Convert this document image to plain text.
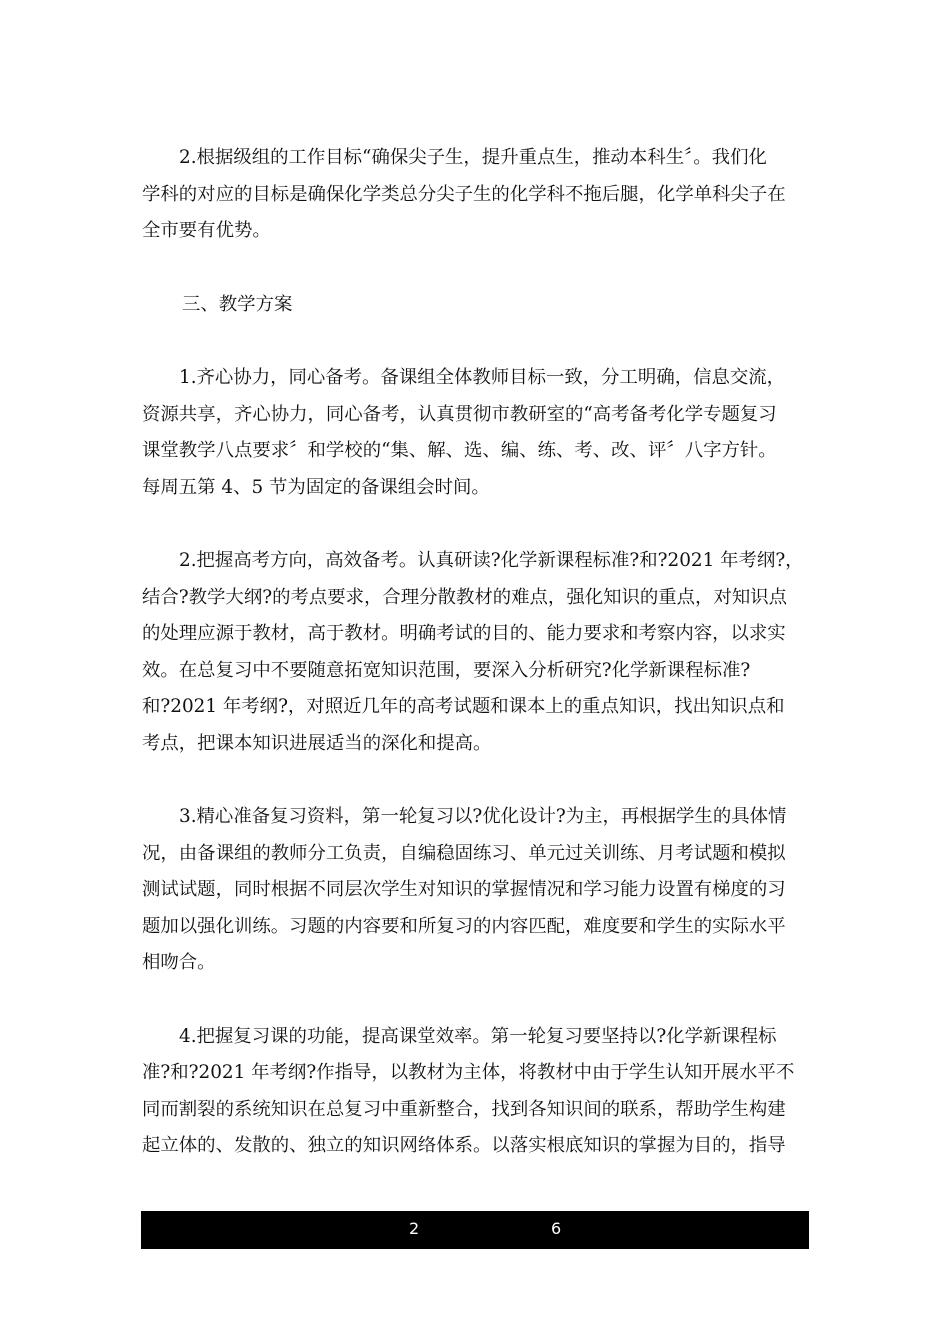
2.根据级组的工作目标“确保尖子生，提升重点生，推动本科生〞。我们化
学科的对应的目标是确保化学类总分尖子生的化学科不拖后腿，化学单科尖子在
全市要有优势。
三、教学方案
1.齐心协力，同心备考。备课组全体教师目标一致，分工明确，信息交流，
资源共享，齐心协力，同心备考，认真贯彻市教研室的“高考备考化学专题复习
课堂教学八点要求〞和学校的“集、解、选、编、练、考、改、评〞八字方针。
每周五第 4、5 节为固定的备课组会时间。
2.把握高考方向，高效备考。认真研读?化学新课程标准?和?2021 年考纲?，
结合?教学大纲?的考点要求，合理分散教材的难点，强化知识的重点，对知识点
的处理应源于教材，高于教材。明确考试的目的、能力要求和考察内容，以求实
效。在总复习中不要随意拓宽知识范围，要深入分析研究?化学新课程标准?
和?2021 年考纲?，对照近几年的高考试题和课本上的重点知识，找出知识点和
考点，把课本知识进展适当的深化和提高。
3.精心准备复习资料，第一轮复习以?优化设计?为主，再根据学生的具体情
况，由备课组的教师分工负责，自编稳固练习、单元过关训练、月考试题和模拟
测试试题，同时根据不同层次学生对知识的掌握情况和学习能力设置有梯度的习
题加以强化训练。习题的内容要和所复习的内容匹配，难度要和学生的实际水平
相吻合。
4.把握复习课的功能，提高课堂效率。第一轮复习要坚持以?化学新课程标
准?和?2021 年考纲?作指导，以教材为主体，将教材中由于学生认知开展水平不
同而割裂的系统知识在总复习中重新整合，找到各知识间的联系，帮助学生构建
起立体的、发散的、独立的知识网络体系。以落实根底知识的掌握为目的，指导
2	6
